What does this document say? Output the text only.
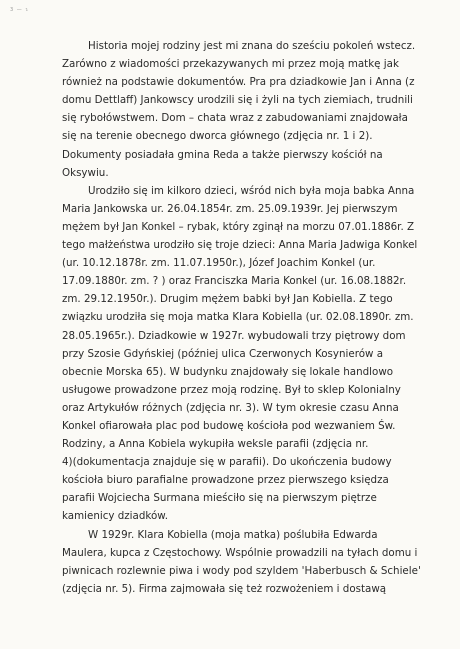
3 — ɿ
Historia mojej rodziny jest mi znana do sześciu pokoleń wstecz.
Zarówno z wiadomości przekazywanych mi przez moją matkę jak
również na podstawie dokumentów. Pra pra dziadkowie Jan i Anna (z
domu Dettlaff) Jankowscy urodzili się i żyli na tych ziemiach, trudnili
się rybołówstwem. Dom – chata wraz z zabudowaniami znajdowała
się na terenie obecnego dworca głównego (zdjęcia nr. 1 i 2).
Dokumenty posiadała gmina Reda a także pierwszy kościół na
Oksywiu.
Urodziło się im kilkoro dzieci, wśród nich była moja babka Anna
Maria Jankowska ur. 26.04.1854r. zm. 25.09.1939r. Jej pierwszym
mężem był Jan Konkel – rybak, który zginął na morzu 07.01.1886r. Z
tego małżeństwa urodziło się troje dzieci: Anna Maria Jadwiga Konkel
(ur. 10.12.1878r. zm. 11.07.1950r.), Józef Joachim Konkel (ur.
17.09.1880r. zm. ? ) oraz Franciszka Maria Konkel (ur. 16.08.1882r.
zm. 29.12.1950r.). Drugim mężem babki był Jan Kobiella. Z tego
związku urodziła się moja matka Klara Kobiella (ur. 02.08.1890r. zm.
28.05.1965r.). Dziadkowie w 1927r. wybudowali trzy piętrowy dom
przy Szosie Gdyńskiej (później ulica Czerwonych Kosynierów a
obecnie Morska 65). W budynku znajdowały się lokale handlowo
usługowe prowadzone przez moją rodzinę. Był to sklep Kolonialny
oraz Artykułów różnych (zdjęcia nr. 3). W tym okresie czasu Anna
Konkel ofiarowała plac pod budowę kościoła pod wezwaniem Św.
Rodziny, a Anna Kobiela wykupiła weksle parafii (zdjęcia nr.
4)(dokumentacja znajduje się w parafii). Do ukończenia budowy
kościoła biuro parafialne prowadzone przez pierwszego księdza
parafii Wojciecha Surmana mieściło się na pierwszym piętrze
kamienicy dziadków.
W 1929r. Klara Kobiella (moja matka) poślubiła Edwarda
Maulera, kupca z Częstochowy. Wspólnie prowadzili na tyłach domu i
piwnicach rozlewnie piwa i wody pod szyldem 'Haberbusch & Schiele'
(zdjęcia nr. 5). Firma zajmowała się też rozwożeniem i dostawą
